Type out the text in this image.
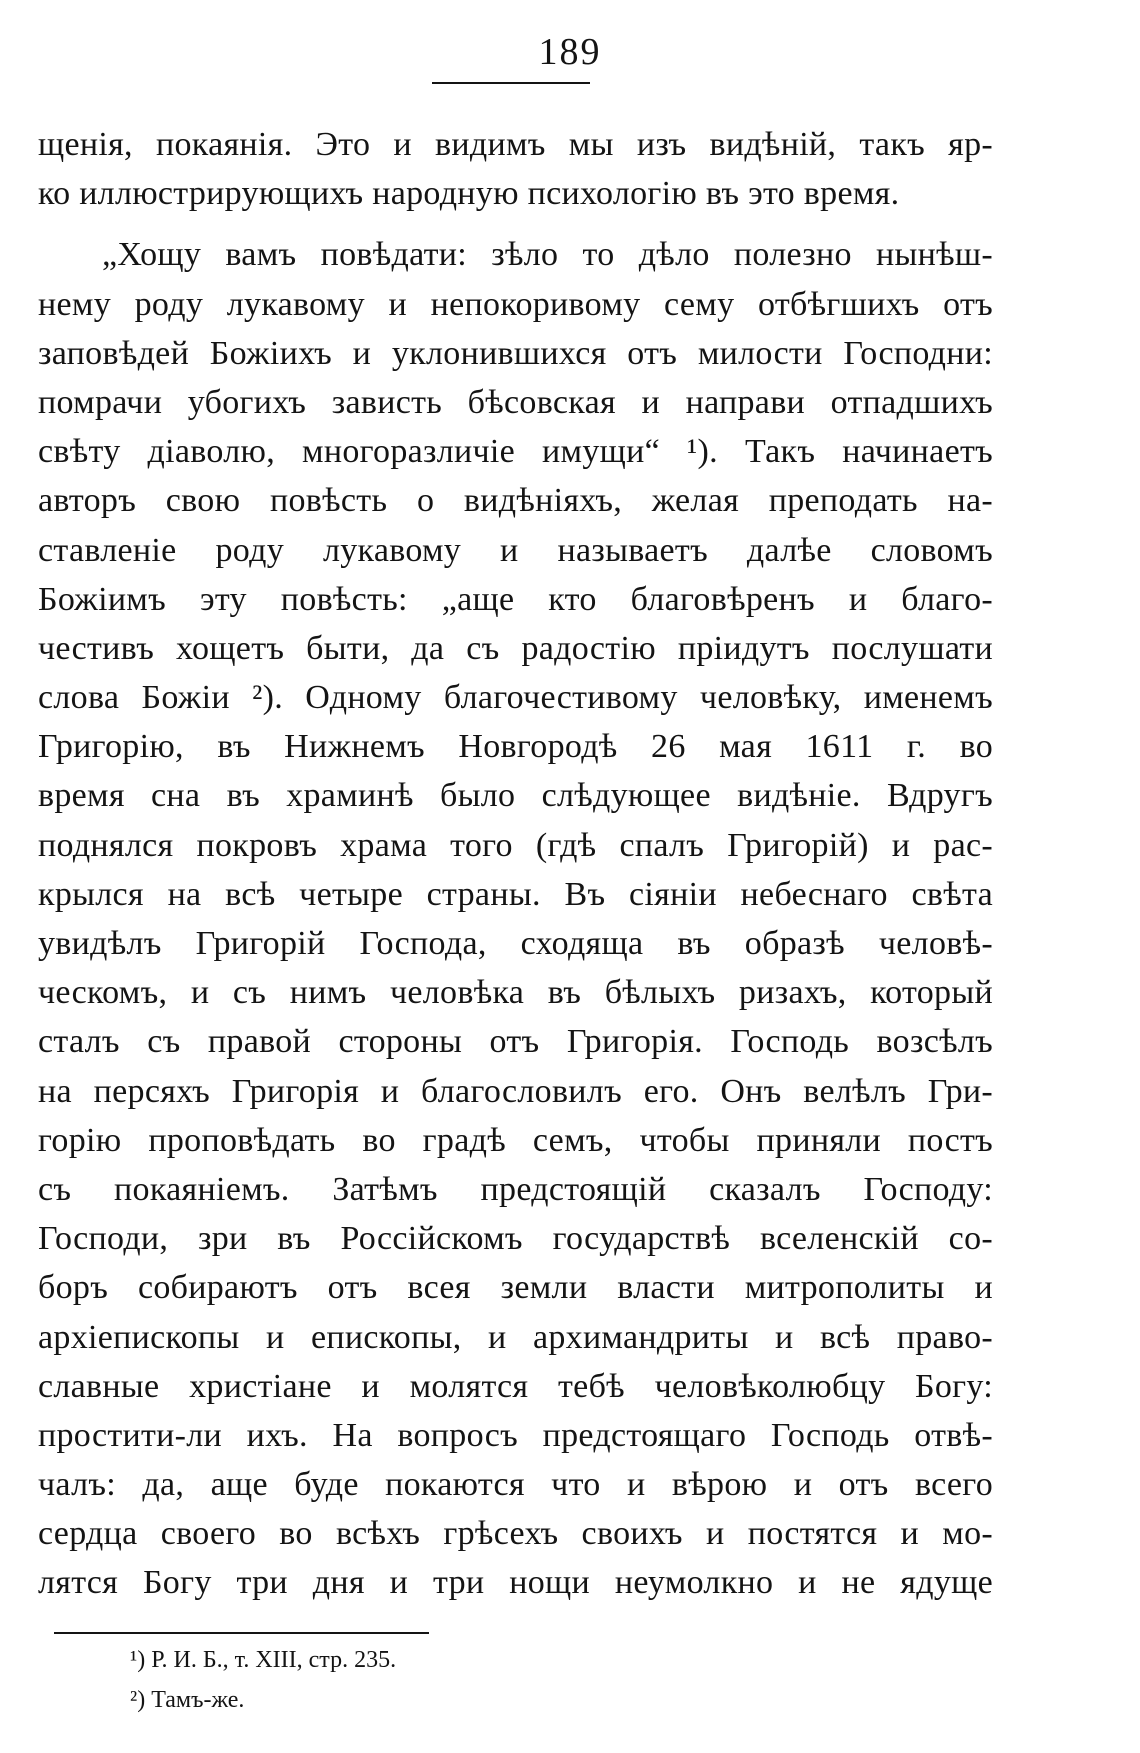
189
щенія, покаянія. Это и видимъ мы изъ видѣній, такъ яр-
ко иллюстрирующихъ народную психологію въ это время.
„Хощу вамъ повѣдати: зѣло то дѣло полезно нынѣш-
нему роду лукавому и непокоривому сему отбѣгшихъ отъ
заповѣдей Божіихъ и уклонившихся отъ милости Господни:
помрачи убогихъ зависть бѣсовская и направи отпадшихъ
свѣту діаволю, многоразличіе имущи“ ¹). Такъ начинаетъ
авторъ свою повѣсть о видѣніяхъ, желая преподать на-
ставленіе роду лукавому и называетъ далѣе словомъ
Божіимъ эту повѣсть: „аще кто благовѣренъ и благо-
честивъ хощетъ быти, да съ радостію пріидутъ послушати
слова Божіи ²). Одному благочестивому человѣку, именемъ
Григорію, въ Нижнемъ Новгородѣ 26 мая 1611 г. во
время сна въ храминѣ было слѣдующее видѣніе. Вдругъ
поднялся покровъ храма того (гдѣ спалъ Григорій) и рас-
крылся на всѣ четыре страны. Въ сіяніи небеснаго свѣта
увидѣлъ Григорій Господа, сходяща въ образѣ человѣ-
ческомъ, и съ нимъ человѣка въ бѣлыхъ ризахъ, который
сталъ съ правой стороны отъ Григорія. Господь возсѣлъ
на персяхъ Григорія и благословилъ его. Онъ велѣлъ Гри-
горію проповѣдать во градѣ семъ, чтобы приняли постъ
съ покаяніемъ. Затѣмъ предстоящій сказалъ Господу:
Господи, зри въ Россійскомъ государствѣ вселенскій со-
боръ собираютъ отъ всея земли власти митрополиты и
архіепископы и епископы, и архимандриты и всѣ право-
славные христіане и молятся тебѣ человѣколюбцу Богу:
простити-ли ихъ. На вопросъ предстоящаго Господь отвѣ-
чалъ: да, аще буде покаются что и вѣрою и отъ всего
сердца своего во всѣхъ грѣсехъ своихъ и постятся и мо-
лятся Богу три дня и три нощи неумолкно и не ядуще
¹) Р. И. Б., т. XIII, стр. 235.
²) Тамъ-же.
